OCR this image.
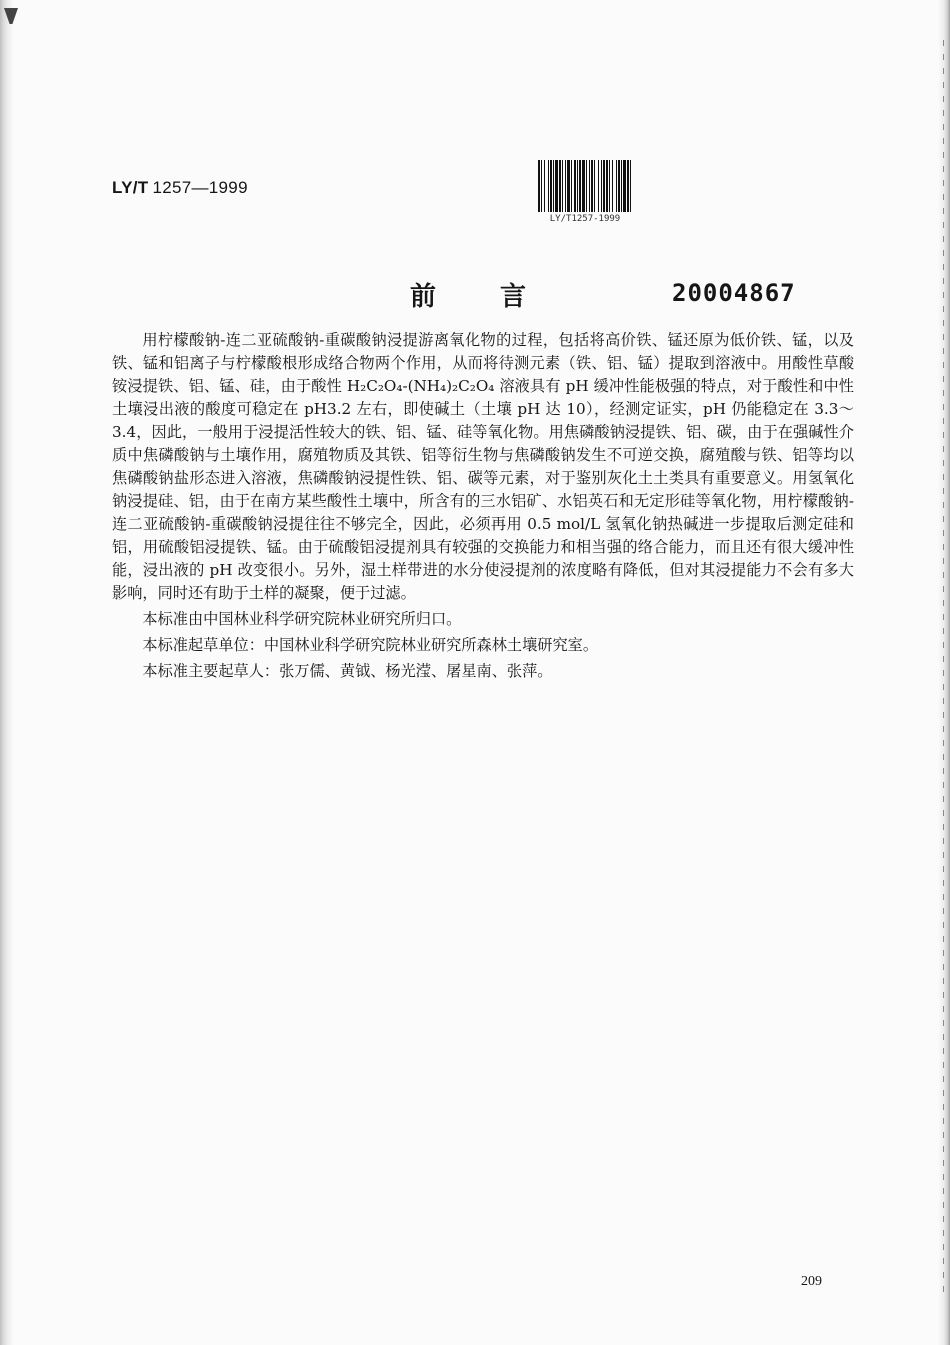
LY/T 1257—1999
LY/T1257-1999
前言	20004867

用柠檬酸钠-连二亚硫酸钠-重碳酸钠浸提游离氧化物的过程，包括将高价铁、锰还原为低价铁、锰，以及铁、锰和铝离子与柠檬酸根形成络合物两个作用，从而将待测元素（铁、铝、锰）提取到溶液中。用酸性草酸铵浸提铁、铝、锰、硅，由于酸性 H₂C₂O₄-(NH₄)₂C₂O₄ 溶液具有 pH 缓冲性能极强的特点，对于酸性和中性土壤浸出液的酸度可稳定在 pH3.2 左右，即使碱土（土壤 pH 达 10），经测定证实，pH 仍能稳定在 3.3～3.4，因此，一般用于浸提活性较大的铁、铝、锰、硅等氧化物。用焦磷酸钠浸提铁、铝、碳，由于在强碱性介质中焦磷酸钠与土壤作用，腐殖物质及其铁、铝等衍生物与焦磷酸钠发生不可逆交换，腐殖酸与铁、铝等均以焦磷酸钠盐形态进入溶液，焦磷酸钠浸提性铁、铝、碳等元素，对于鉴别灰化土土类具有重要意义。用氢氧化钠浸提硅、铝，由于在南方某些酸性土壤中，所含有的三水铝矿、水铝英石和无定形硅等氧化物，用柠檬酸钠-连二亚硫酸钠-重碳酸钠浸提往往不够完全，因此，必须再用 0.5 mol/L 氢氧化钠热碱进一步提取后测定硅和铝，用硫酸铝浸提铁、锰。由于硫酸铝浸提剂具有较强的交换能力和相当强的络合能力，而且还有很大缓冲性能，浸出液的 pH 改变很小。另外，湿土样带进的水分使浸提剂的浓度略有降低，但对其浸提能力不会有多大影响，同时还有助于土样的凝聚，便于过滤。

本标准由中国林业科学研究院林业研究所归口。

本标准起草单位：中国林业科学研究院林业研究所森林土壤研究室。

本标准主要起草人：张万儒、黄钺、杨光滢、屠星南、张萍。

209
